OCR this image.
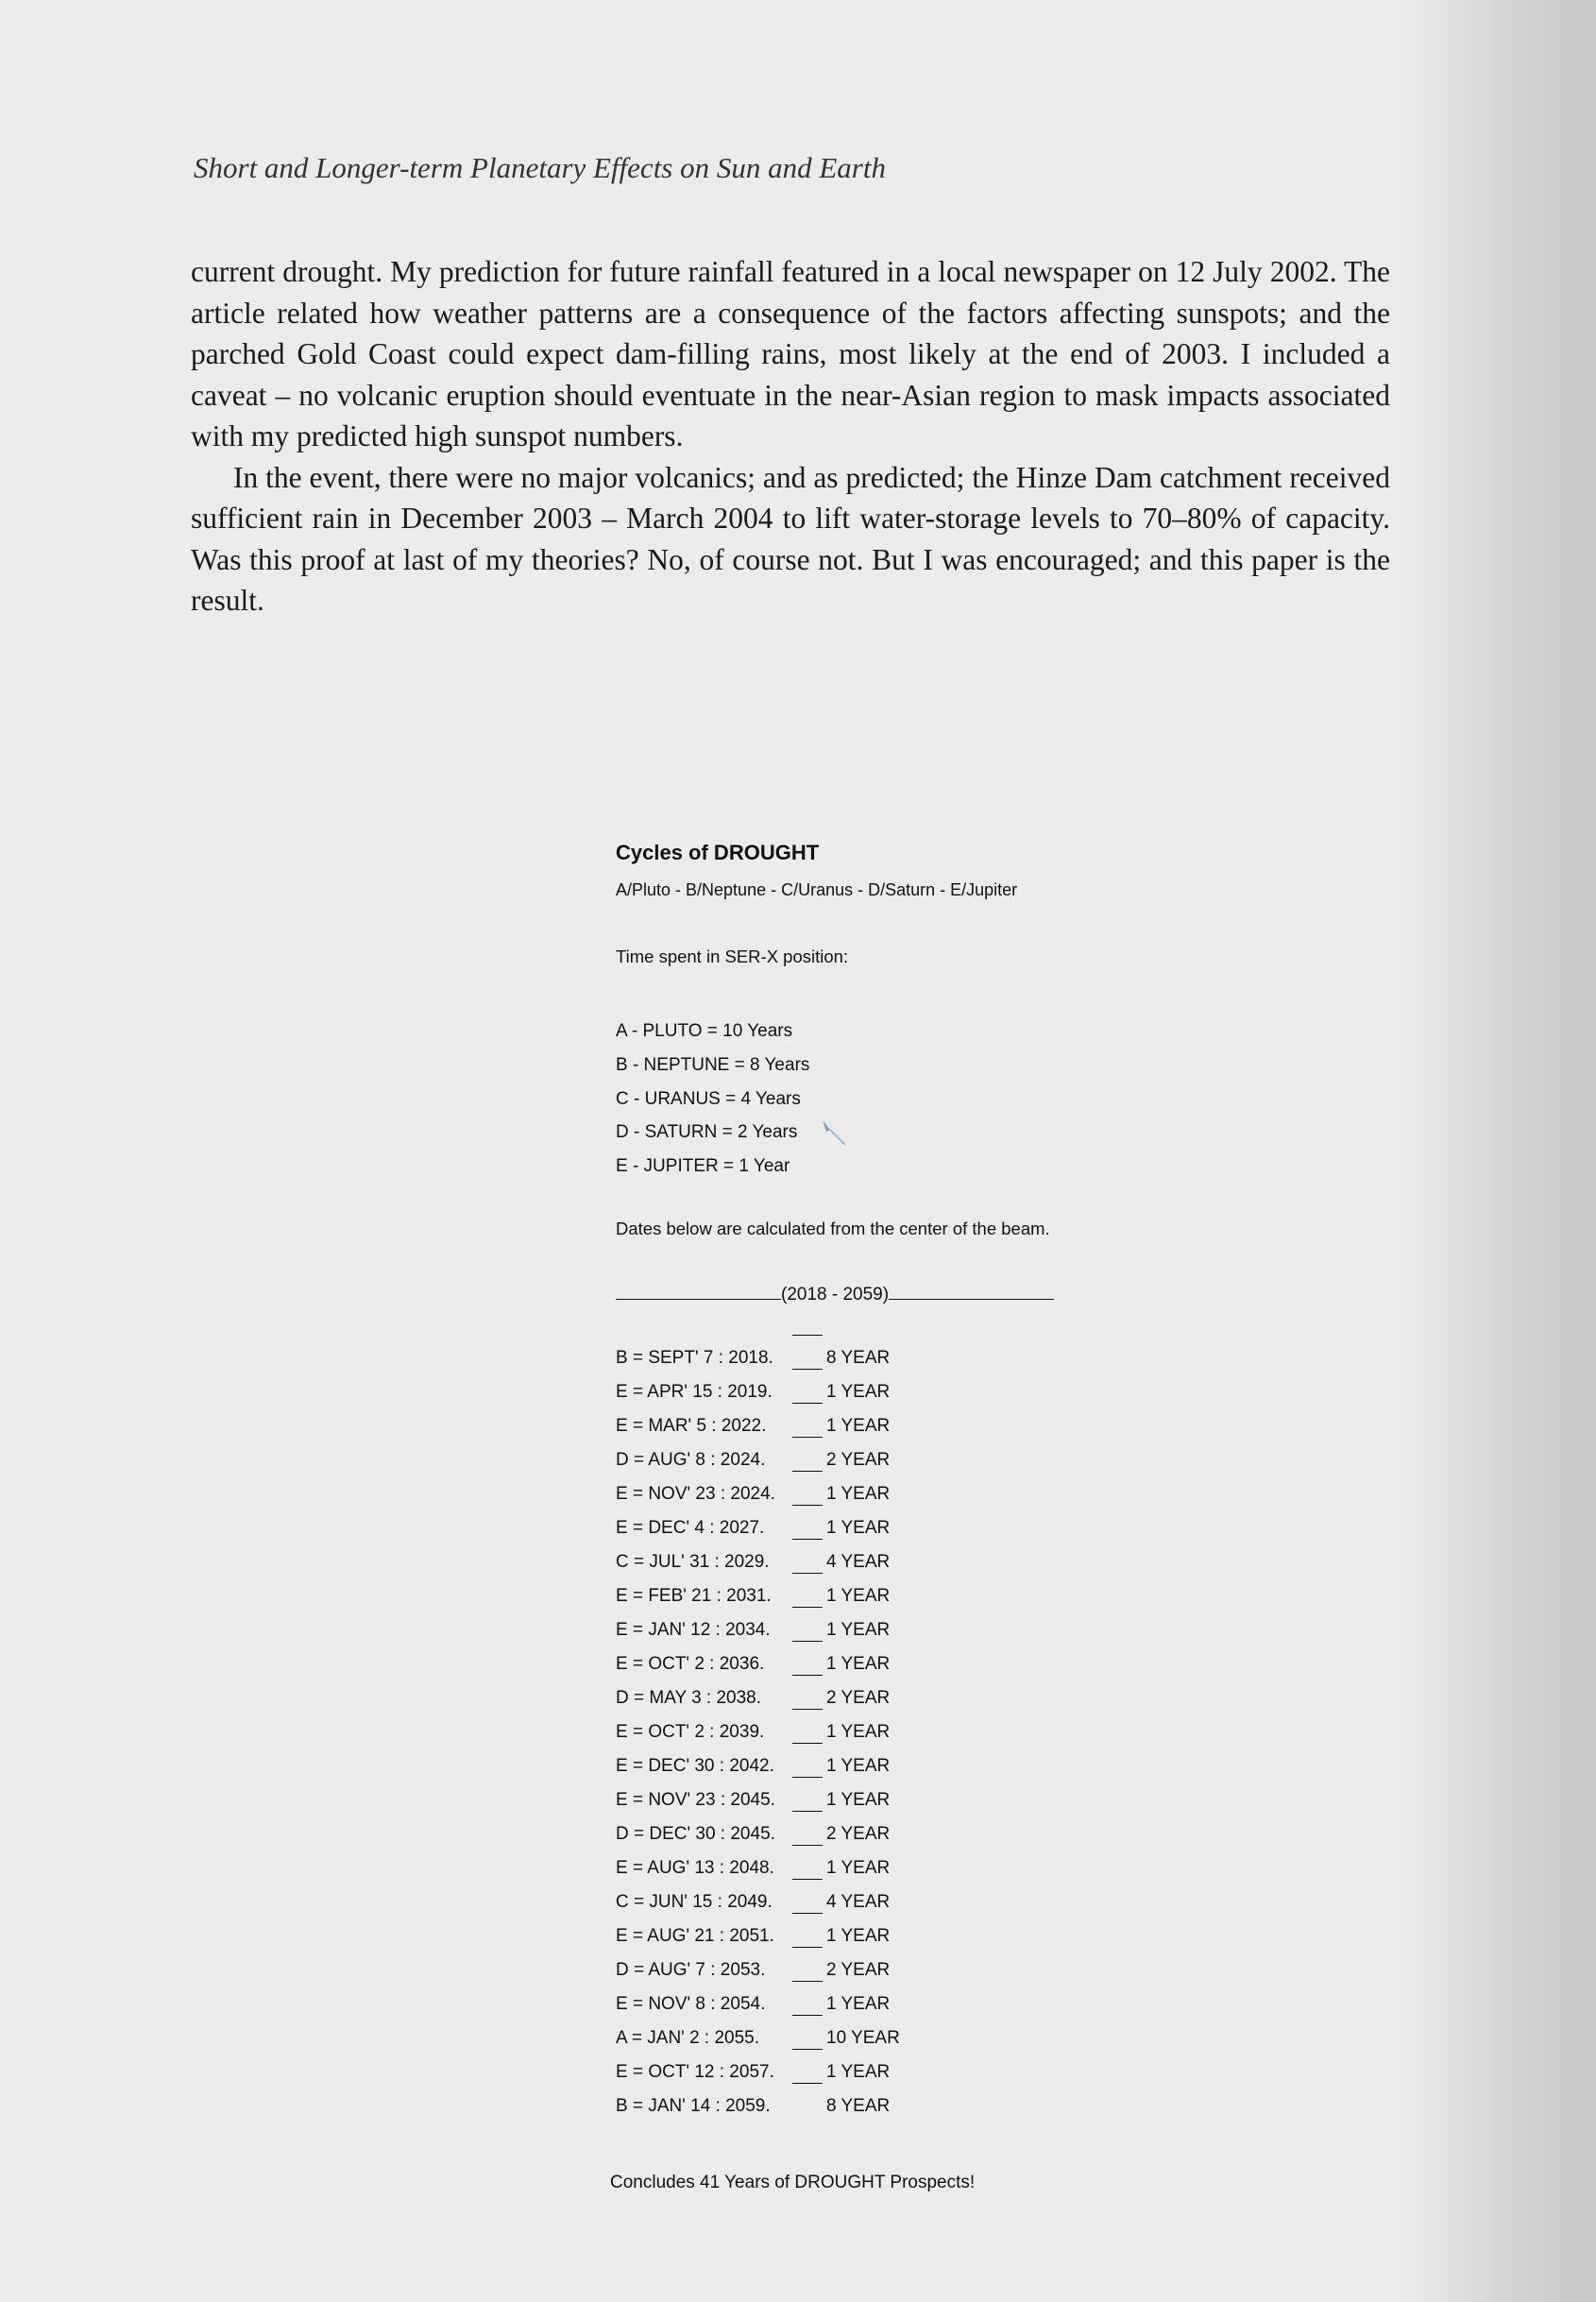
Short and Longer-term Planetary Effects on Sun and Earth

current drought. My prediction for future rainfall featured in a local newspaper on 12 July 2002. The article related how weather patterns are a consequence of the factors affecting sunspots; and the parched Gold Coast could expect dam-filling rains, most likely at the end of 2003. I included a caveat – no volcanic eruption should eventuate in the near-Asian region to mask impacts associated with my predicted high sunspot numbers.

In the event, there were no major volcanics; and as predicted; the Hinze Dam catchment received sufficient rain in December 2003 – March 2004 to lift water-storage levels to 70–80% of capacity. Was this proof at last of my theories? No, of course not. But I was encouraged; and this paper is the result.

Cycles of DROUGHT
A/Pluto - B/Neptune - C/Uranus - D/Saturn - E/Jupiter
Time spent in SER-X position:
A - PLUTO = 10 Years
B - NEPTUNE = 8 Years
C - URANUS = 4 Years
D - SATURN = 2 Years
E - JUPITER = 1 Year
Dates below are calculated from the center of the beam.
(2018 - 2059)
B = SEPT' 7 : 2018.	8 YEAR
E = APR' 15 : 2019.	1 YEAR
E = MAR' 5 : 2022.	1 YEAR
D = AUG' 8 : 2024.	2 YEAR
E = NOV' 23 : 2024.	1 YEAR
E = DEC' 4 : 2027.	1 YEAR
C = JUL' 31 : 2029.	4 YEAR
E = FEB' 21 : 2031.	1 YEAR
E = JAN' 12 : 2034.	1 YEAR
E = OCT' 2 : 2036.	1 YEAR
D = MAY 3 : 2038.	2 YEAR
E = OCT' 2 : 2039.	1 YEAR
E = DEC' 30 : 2042.	1 YEAR
E = NOV' 23 : 2045.	1 YEAR
D = DEC' 30 : 2045.	2 YEAR
E = AUG' 13 : 2048.	1 YEAR
C = JUN' 15 : 2049.	4 YEAR
E = AUG' 21 : 2051.	1 YEAR
D = AUG' 7 : 2053.	2 YEAR
E = NOV' 8 : 2054.	1 YEAR
A = JAN' 2 : 2055.	10 YEAR
E = OCT' 12 : 2057.	1 YEAR
B = JAN' 14 : 2059.	8 YEAR
Concludes 41 Years of DROUGHT Prospects!
